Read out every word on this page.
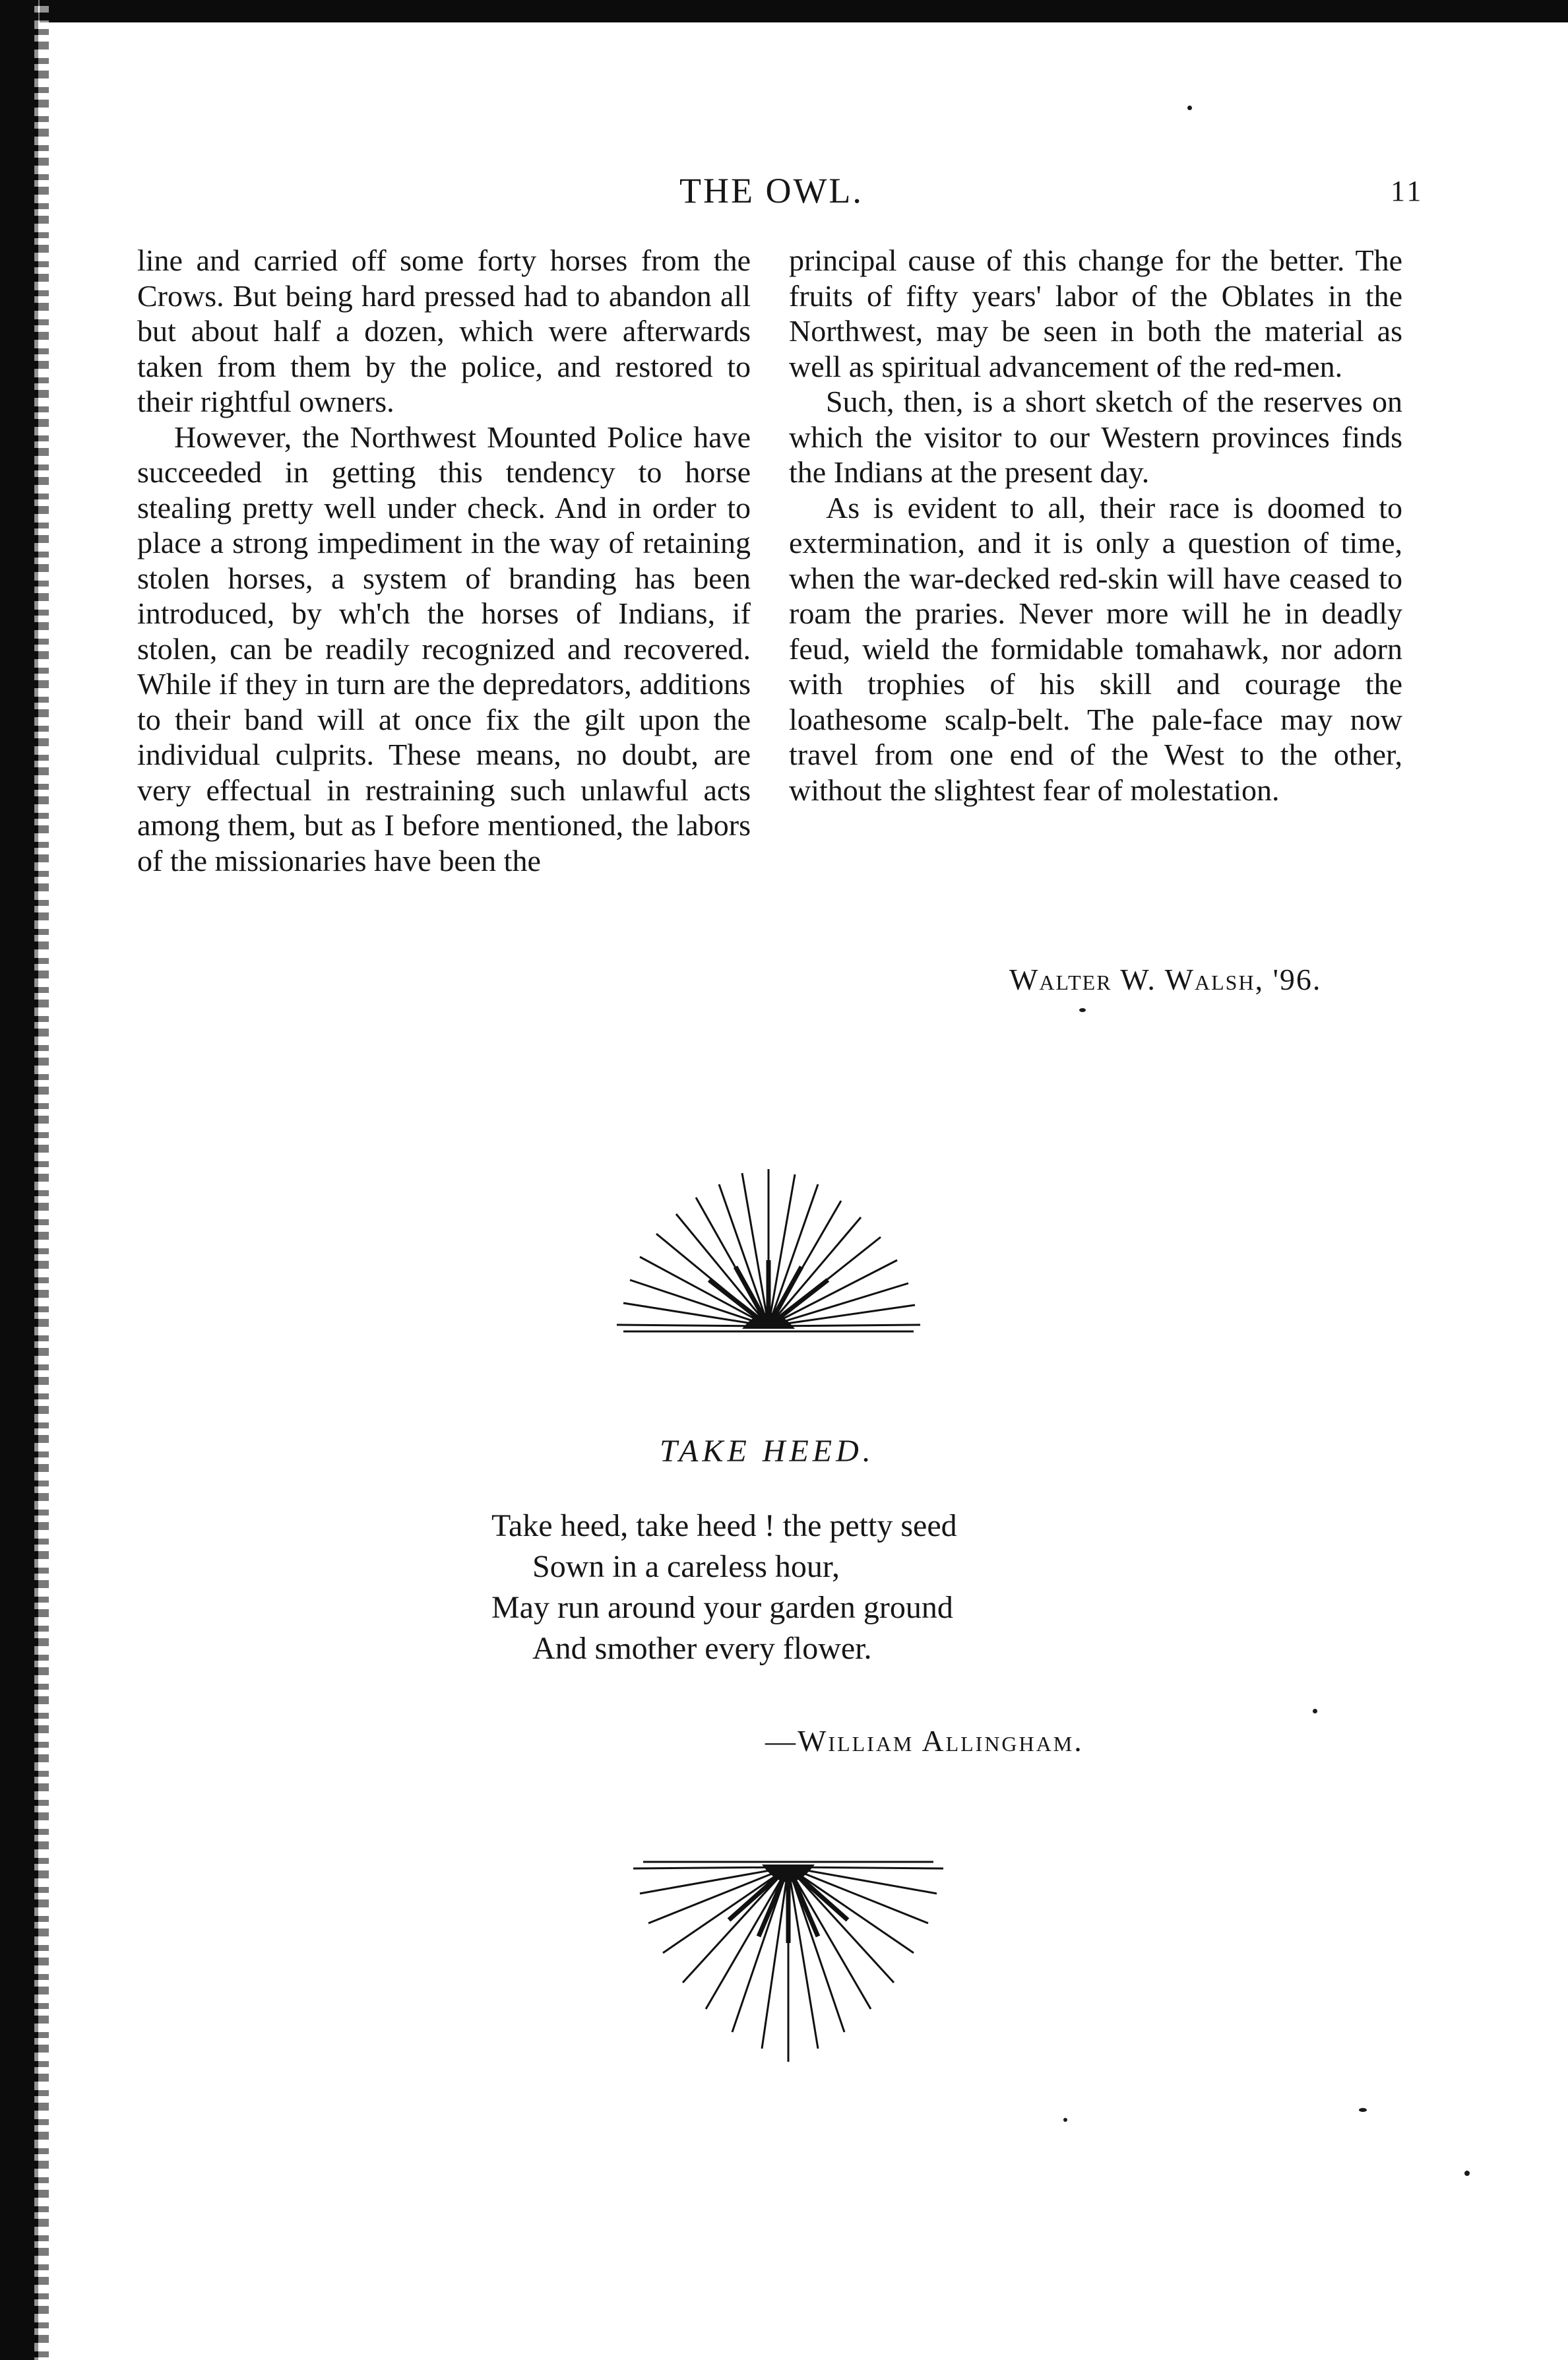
THE OWL.	11

line and carried off some forty horses from the Crows. But being hard pressed had to abandon all but about half a dozen, which were afterwards taken from them by the police, and restored to their rightful owners.

However, the Northwest Mounted Police have succeeded in getting this tendency to horse stealing pretty well under check. And in order to place a strong impediment in the way of retaining stolen horses, a system of branding has been introduced, by wh'ch the horses of Indians, if stolen, can be readily recognized and recovered. While if they in turn are the depredators, additions to their band will at once fix the gilt upon the individual culprits. These means, no doubt, are very effectual in restraining such unlawful acts among them, but as I before mentioned, the labors of the missionaries have been the

principal cause of this change for the better. The fruits of fifty years' labor of the Oblates in the Northwest, may be seen in both the material as well as spiritual advancement of the red-men.

Such, then, is a short sketch of the reserves on which the visitor to our Western provinces finds the Indians at the present day.

As is evident to all, their race is doomed to extermination, and it is only a question of time, when the war-decked red-skin will have ceased to roam the praries. Never more will he in deadly feud, wield the formidable tomahawk, nor adorn with trophies of his skill and courage the loathesome scalp-belt. The pale-face may now travel from one end of the West to the other, without the slightest fear of molestation.

Walter W. Walsh, '96.
TAKE HEED.
Take heed, take heed ! the petty seed
Sown in a careless hour,
May run around your garden ground
And smother every flower.
—William Allingham.
